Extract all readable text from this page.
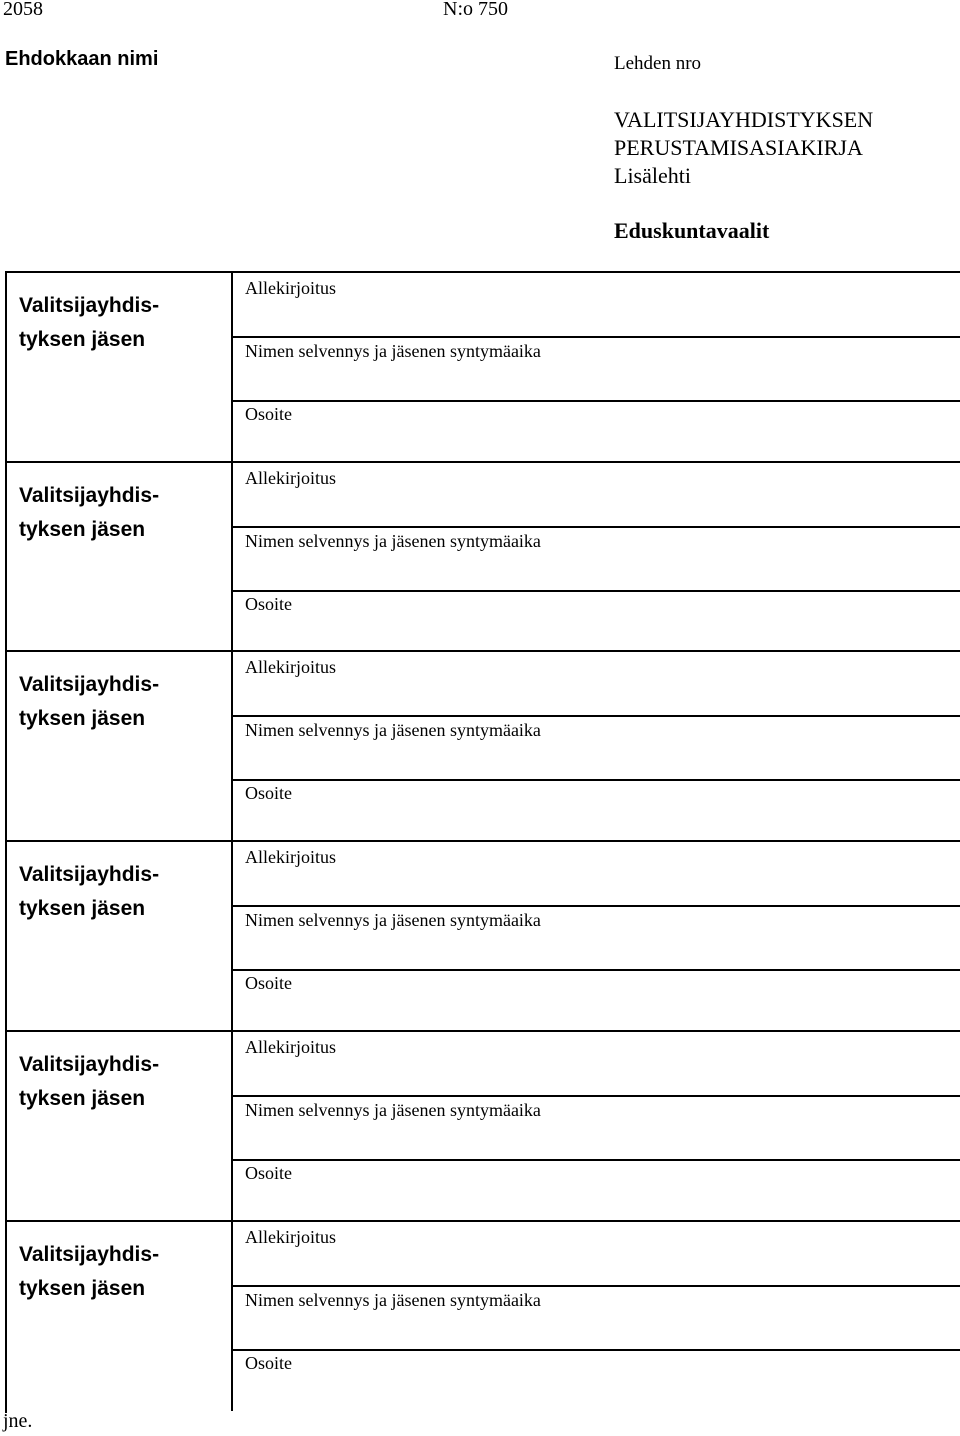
2058	N:o 750
Ehdokkaan nimi	Lehden nro
VALITSIJAYHDISTYKSEN
PERUSTAMISASIAKIRJA
Lisälehti
Eduskuntavaalit
Valitsijayhdis-
tyksen jäsen
Allekirjoitus
Nimen selvennys ja jäsenen syntymäaika
Osoite
Valitsijayhdis-
tyksen jäsen
Allekirjoitus
Nimen selvennys ja jäsenen syntymäaika
Osoite
Valitsijayhdis-
tyksen jäsen
Allekirjoitus
Nimen selvennys ja jäsenen syntymäaika
Osoite
Valitsijayhdis-
tyksen jäsen
Allekirjoitus
Nimen selvennys ja jäsenen syntymäaika
Osoite
Valitsijayhdis-
tyksen jäsen
Allekirjoitus
Nimen selvennys ja jäsenen syntymäaika
Osoite
Valitsijayhdis-
tyksen jäsen
Allekirjoitus
Nimen selvennys ja jäsenen syntymäaika
Osoite
jne.
